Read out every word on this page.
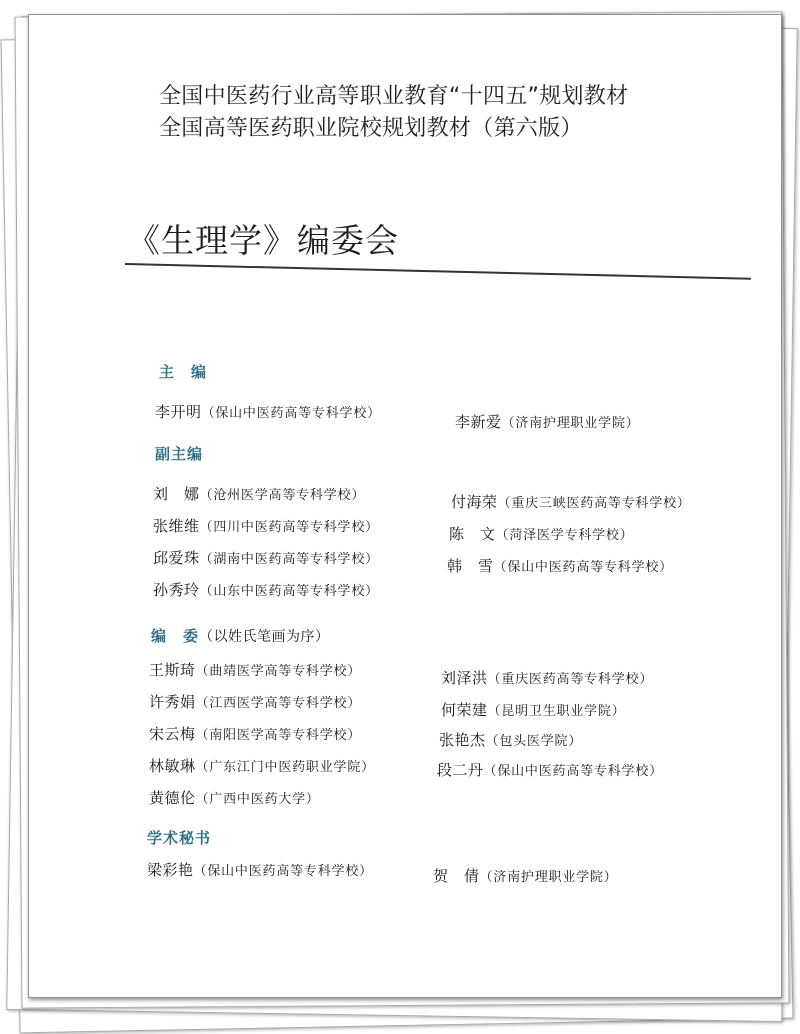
全国中医药行业高等职业教育“十四五”规划教材
全国高等医药职业院校规划教材（第六版）
《生理学》编委会
主　编
李开明（保山中医药高等专科学校）	李新爱（济南护理职业学院）
副主编
刘　娜（沧州医学高等专科学校）
张维维（四川中医药高等专科学校）
邱爱珠（湖南中医药高等专科学校）
孙秀玲（山东中医药高等专科学校）
付海荣（重庆三峡医药高等专科学校）
陈　文（菏泽医学专科学校）
韩　雪（保山中医药高等专科学校）
编　委（以姓氏笔画为序）
王斯琦（曲靖医学高等专科学校）
许秀娟（江西医学高等专科学校）
宋云梅（南阳医学高等专科学校）
林敏琳（广东江门中医药职业学院）
黄德伦（广西中医药大学）
刘泽洪（重庆医药高等专科学校）
何荣建（昆明卫生职业学院）
张艳杰（包头医学院）
段二丹（保山中医药高等专科学校）
学术秘书
梁彩艳（保山中医药高等专科学校）	贺　倩（济南护理职业学院）
